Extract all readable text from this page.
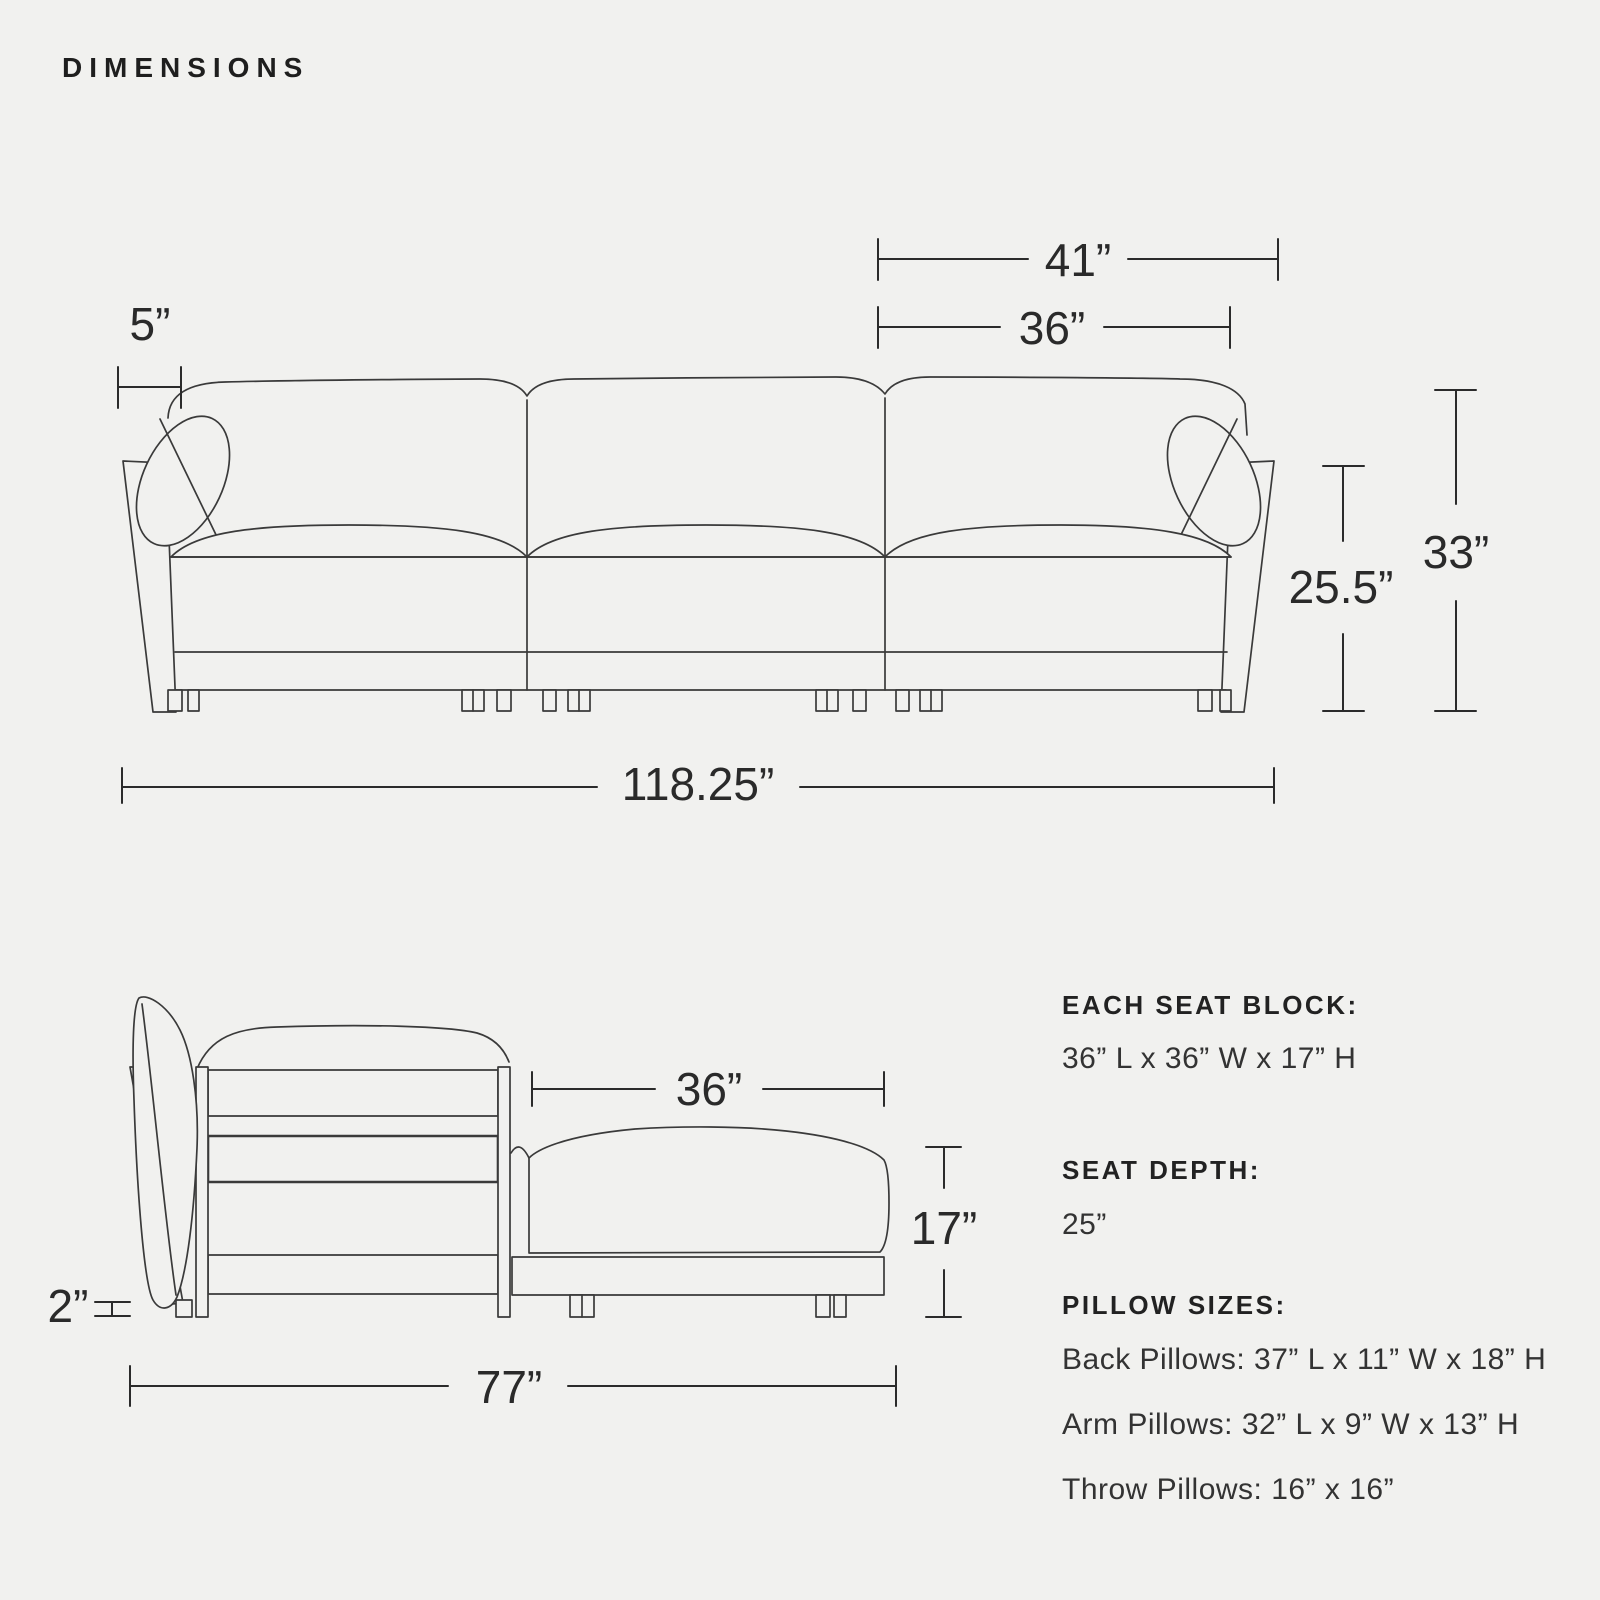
DIMENSIONS
5”
41”
36”
33”
25.5”
118.25”
36”
17”
2”
77”
EACH SEAT BLOCK:
36” L x 36” W x 17” H
SEAT DEPTH:
25”
PILLOW SIZES:
Back Pillows: 37” L x 11” W x 18” H
Arm Pillows: 32” L x 9” W x 13” H
Throw Pillows: 16” x 16”
